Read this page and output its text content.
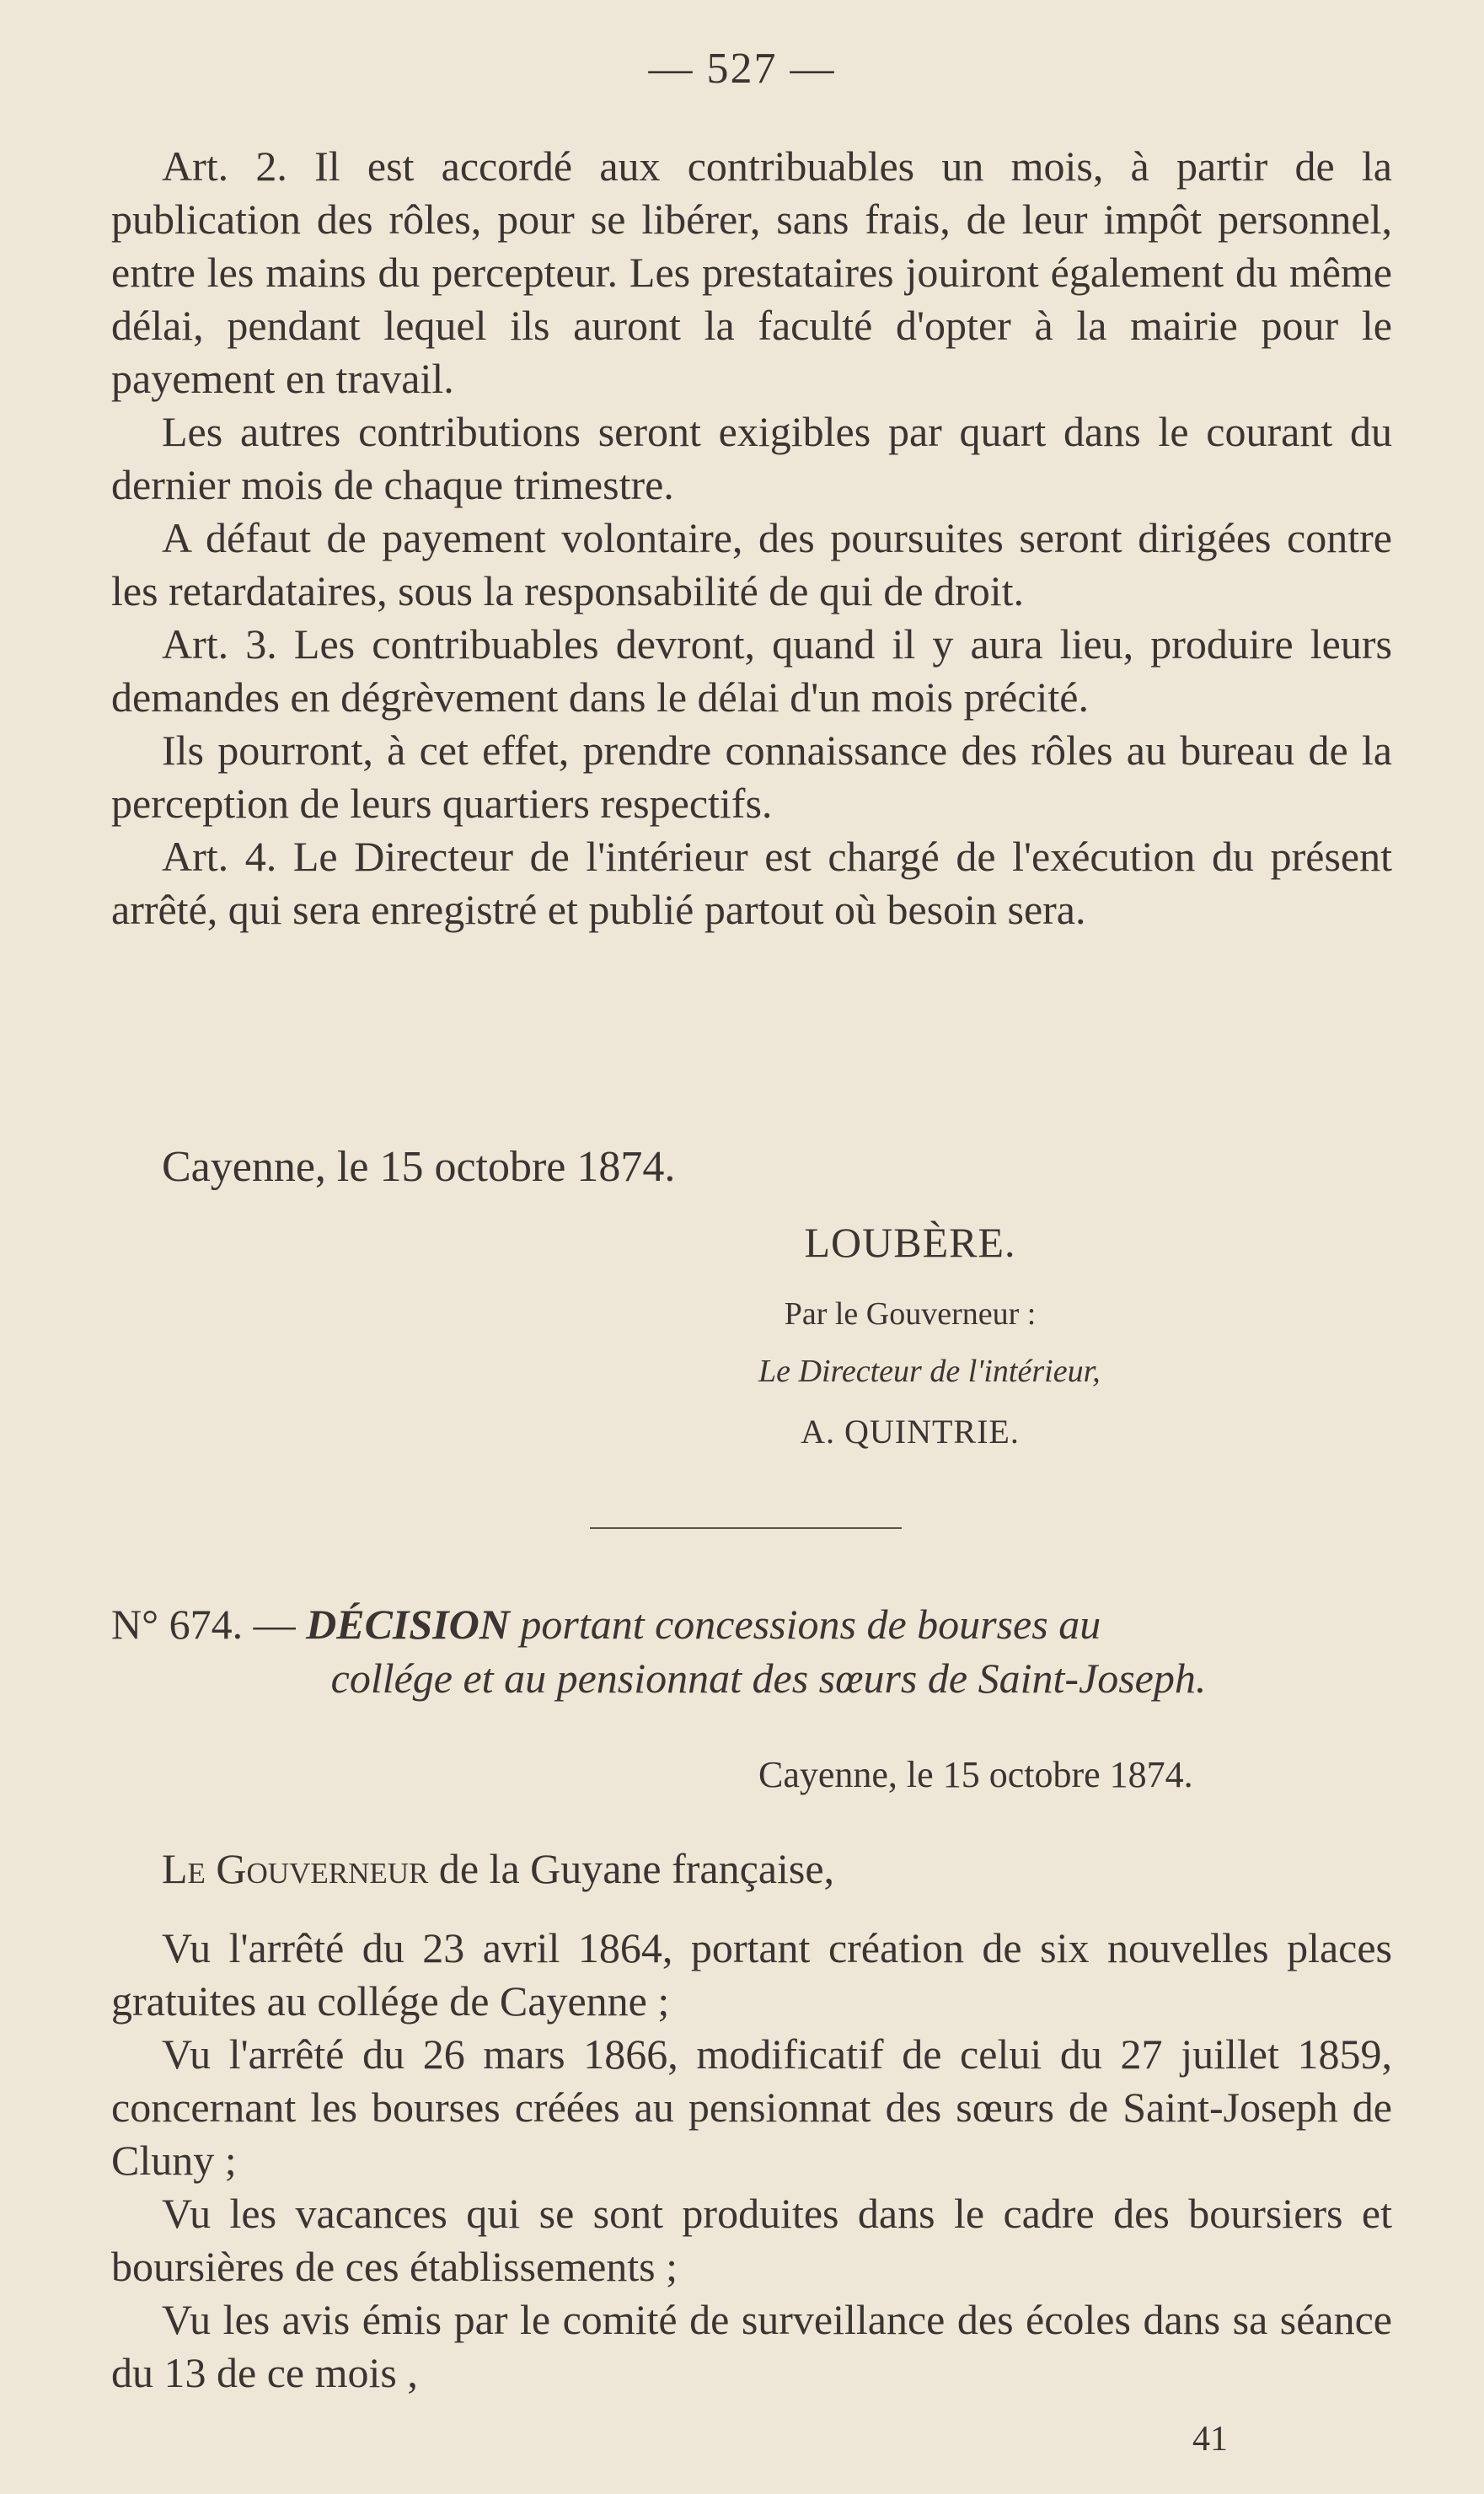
— 527 —

Art. 2. Il est accordé aux contribuables un mois, à partir de la publication des rôles, pour se libérer, sans frais, de leur impôt personnel, entre les mains du percepteur. Les prestataires jouiront également du même délai, pendant lequel ils auront la faculté d'opter à la mairie pour le payement en travail.

Les autres contributions seront exigibles par quart dans le courant du dernier mois de chaque trimestre.

A défaut de payement volontaire, des poursuites seront dirigées contre les retardataires, sous la responsabilité de qui de droit.

Art. 3. Les contribuables devront, quand il y aura lieu, produire leurs demandes en dégrèvement dans le délai d'un mois précité.

Ils pourront, à cet effet, prendre connaissance des rôles au bureau de la perception de leurs quartiers respectifs.

Art. 4. Le Directeur de l'intérieur est chargé de l'exécution du présent arrêté, qui sera enregistré et publié partout où besoin sera.

Cayenne, le 15 octobre 1874.
LOUBÈRE.
Par le Gouverneur :
Le Directeur de l'intérieur,
A. QUINTRIE.

N° 674. — DÉCISION portant concessions de bourses au
collége et au pensionnat des sœurs de Saint-Joseph.

Cayenne, le 15 octobre 1874.
Le Gouverneur de la Guyane française,

Vu l'arrêté du 23 avril 1864, portant création de six nouvelles places gratuites au collége de Cayenne ;

Vu l'arrêté du 26 mars 1866, modificatif de celui du 27 juillet 1859, concernant les bourses créées au pensionnat des sœurs de Saint-Joseph de Cluny ;

Vu les vacances qui se sont produites dans le cadre des boursiers et boursières de ces établissements ;

Vu les avis émis par le comité de surveillance des écoles dans sa séance du 13 de ce mois ,

41
